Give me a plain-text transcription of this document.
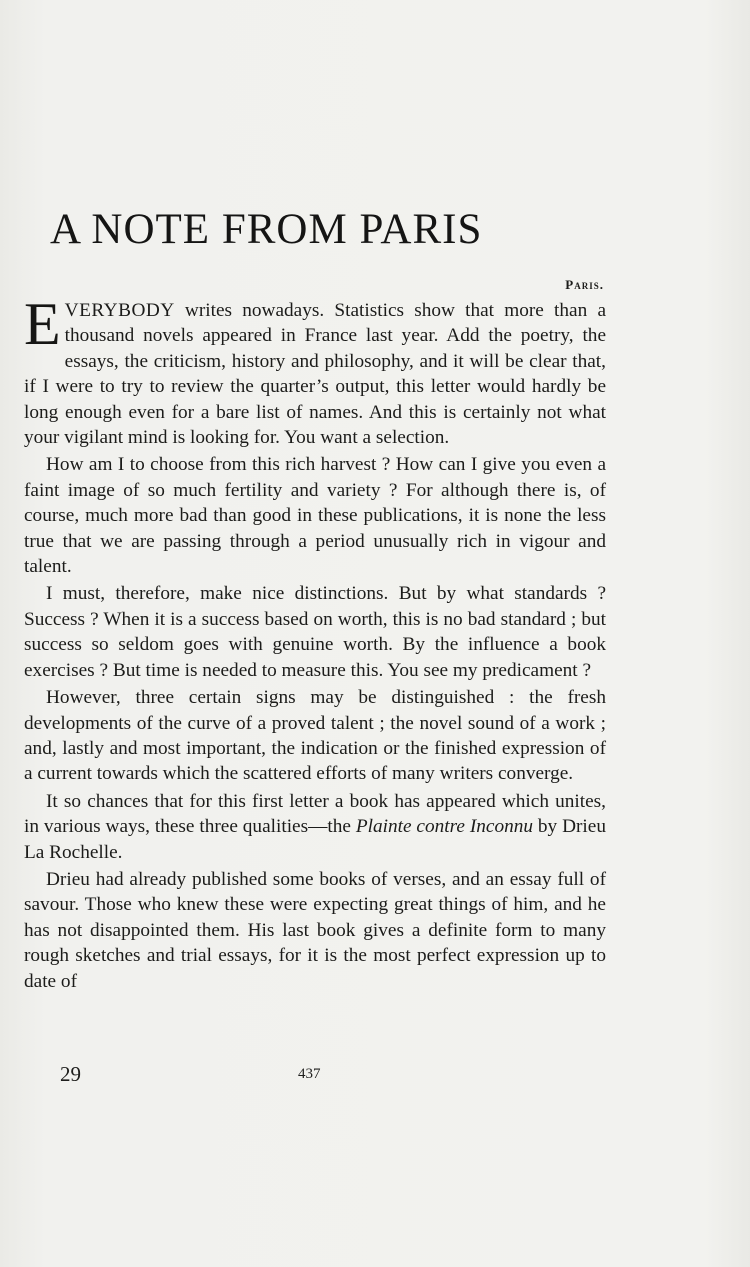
A NOTE FROM PARIS
Paris.

EVERYBODY writes nowadays. Statistics show that more than a thousand novels appeared in France last year. Add the poetry, the essays, the criticism, history and philosophy, and it will be clear that, if I were to try to review the quarter’s output, this letter would hardly be long enough even for a bare list of names. And this is certainly not what your vigilant mind is looking for. You want a selection.

How am I to choose from this rich harvest ? How can I give you even a faint image of so much fertility and variety ? For although there is, of course, much more bad than good in these publications, it is none the less true that we are passing through a period unusually rich in vigour and talent.

I must, therefore, make nice distinctions. But by what standards ? Success ? When it is a success based on worth, this is no bad standard ; but success so seldom goes with genuine worth. By the influence a book exercises ? But time is needed to measure this. You see my predicament ?

However, three certain signs may be distinguished : the fresh developments of the curve of a proved talent ; the novel sound of a work ; and, lastly and most important, the indication or the finished expression of a current towards which the scattered efforts of many writers converge.

It so chances that for this first letter a book has appeared which unites, in various ways, these three qualities—the Plainte contre Inconnu by Drieu La Rochelle.

Drieu had already published some books of verses, and an essay full of savour. Those who knew these were expecting great things of him, and he has not disappointed them. His last book gives a definite form to many rough sketches and trial essays, for it is the most perfect expression up to date of

29	437
